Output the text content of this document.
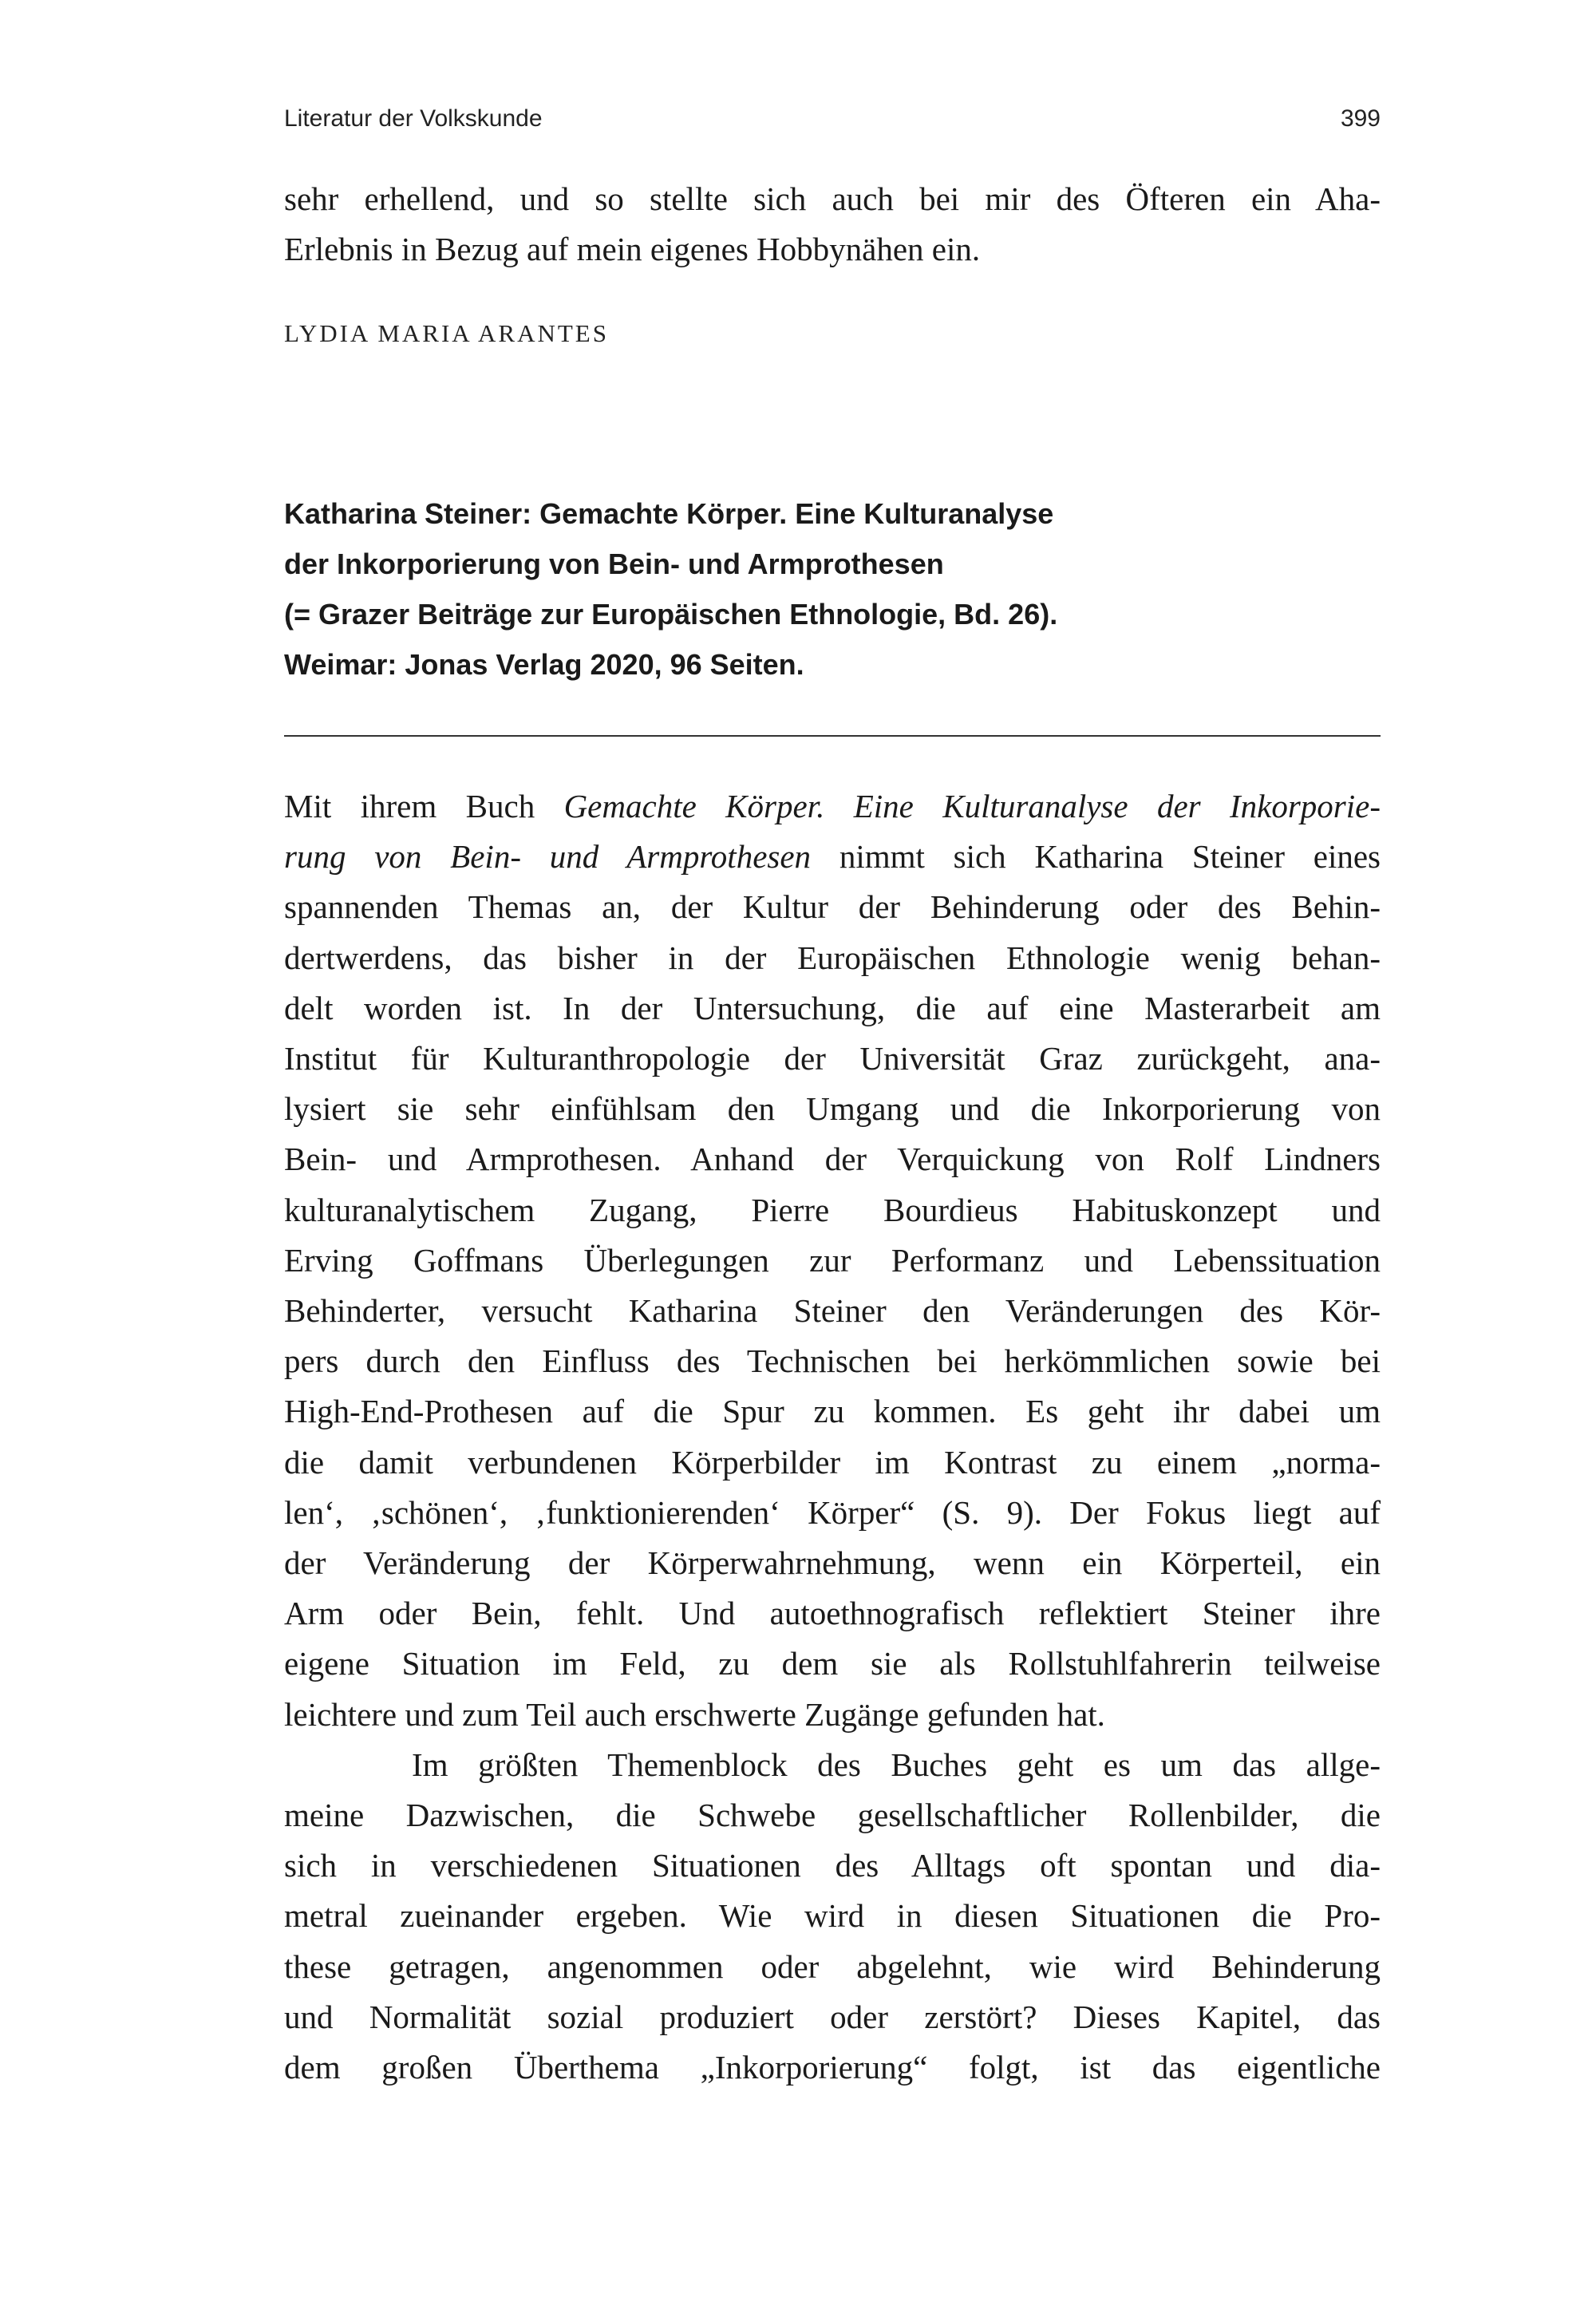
Literatur der Volkskunde	399
sehr erhellend, und so stellte sich auch bei mir des Öfteren ein Aha-
Erlebnis in Bezug auf mein eigenes Hobbynähen ein.
LYDIA MARIA ARANTES
Katharina Steiner: Gemachte Körper. Eine Kulturanalyse
der Inkorporierung von Bein- und Armprothesen
(= Grazer Beiträge zur Europäischen Ethnologie, Bd. 26).
Weimar: Jonas Verlag 2020, 96 Seiten.
Mit ihrem Buch Gemachte Körper. Eine Kulturanalyse der Inkorporie-
rung von Bein- und Armprothesen nimmt sich Katharina Steiner eines
spannenden Themas an, der Kultur der Behinderung oder des Behin-
dertwerdens, das bisher in der Europäischen Ethnologie wenig behan-
delt worden ist. In der Untersuchung, die auf eine Masterarbeit am
Institut für Kulturanthropologie der Universität Graz zurückgeht, ana-
lysiert sie sehr einfühlsam den Umgang und die Inkorporierung von
Bein- und Armprothesen. Anhand der Verquickung von Rolf Lindners
kulturanalytischem Zugang, Pierre Bourdieus Habituskonzept und
Erving Goffmans Überlegungen zur Performanz und Lebenssituation
Behinderter, versucht Katharina Steiner den Veränderungen des Kör-
pers durch den Einfluss des Technischen bei herkömmlichen sowie bei
High-End-Prothesen auf die Spur zu kommen. Es geht ihr dabei um
die damit verbundenen Körperbilder im Kontrast zu einem „norma-
len‘, ‚schönen‘, ‚funktionierenden‘ Körper“ (S. 9). Der Fokus liegt auf
der Veränderung der Körperwahrnehmung, wenn ein Körperteil, ein
Arm oder Bein, fehlt. Und autoethnografisch reflektiert Steiner ihre
eigene Situation im Feld, zu dem sie als Rollstuhlfahrerin teilweise
leichtere und zum Teil auch erschwerte Zugänge gefunden hat.
Im größten Themenblock des Buches geht es um das allge-
meine Dazwischen, die Schwebe gesellschaftlicher Rollenbilder, die
sich in verschiedenen Situationen des Alltags oft spontan und dia-
metral zueinander ergeben. Wie wird in diesen Situationen die Pro-
these getragen, angenommen oder abgelehnt, wie wird Behinderung
und Normalität sozial produziert oder zerstört? Dieses Kapitel, das
dem großen Überthema „Inkorporierung“ folgt, ist das eigentliche
